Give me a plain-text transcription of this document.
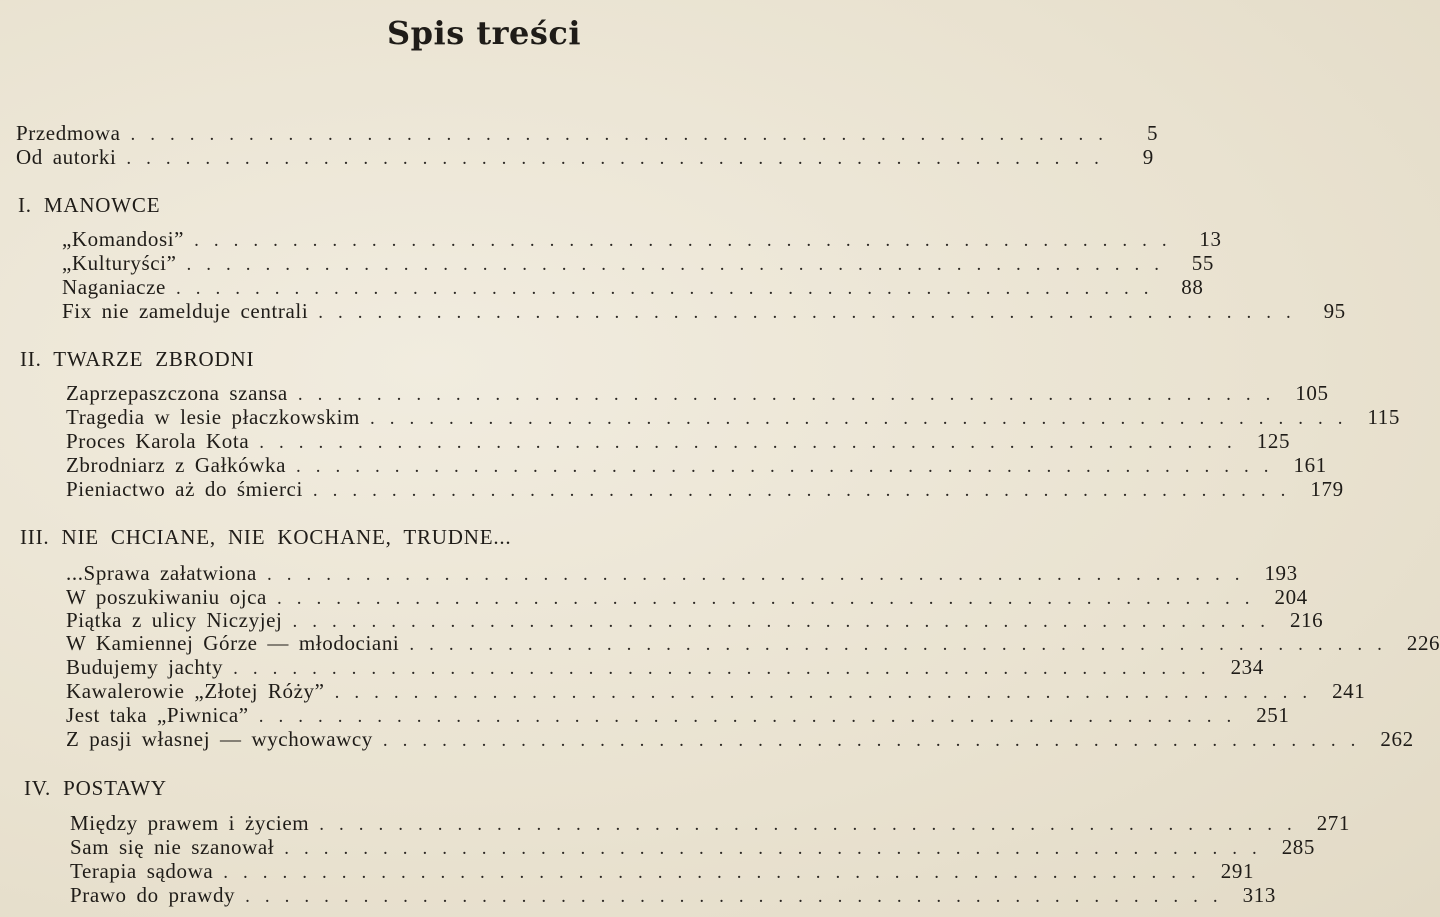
Spis treści
Przedmowa ..................................................	5
Od autorki ..................................................	9
I. MANOWCE
„Komandosi” .................................................. 13
„Kulturyści” .................................................. 55
Naganiacze .................................................. 88
Fix nie zamelduje centrali .................................................. 95
II. TWARZE ZBRODNI
Zaprzepaszczona szansa .................................................. 105
Tragedia w lesie płaczkowskim .................................................. 115
Proces Karola Kota .................................................. 125
Zbrodniarz z Gałkówka .................................................. 161
Pieniactwo aż do śmierci .................................................. 179
III. NIE CHCIANE, NIE KOCHANE, TRUDNE...
...Sprawa załatwiona .................................................. 193
W poszukiwaniu ojca .................................................. 204
Piątka z ulicy Niczyjej .................................................. 216
W Kamiennej Górze — młodociani .................................................. 226
Budujemy jachty .................................................. 234
Kawalerowie „Złotej Róży” .................................................. 241
Jest taka „Piwnica” .................................................. 251
Z pasji własnej — wychowawcy .................................................. 262
IV. POSTAWY
Między prawem i życiem .................................................. 271
Sam się nie szanował .................................................. 285
Terapia sądowa .................................................. 291
Prawo do prawdy .................................................. 313
